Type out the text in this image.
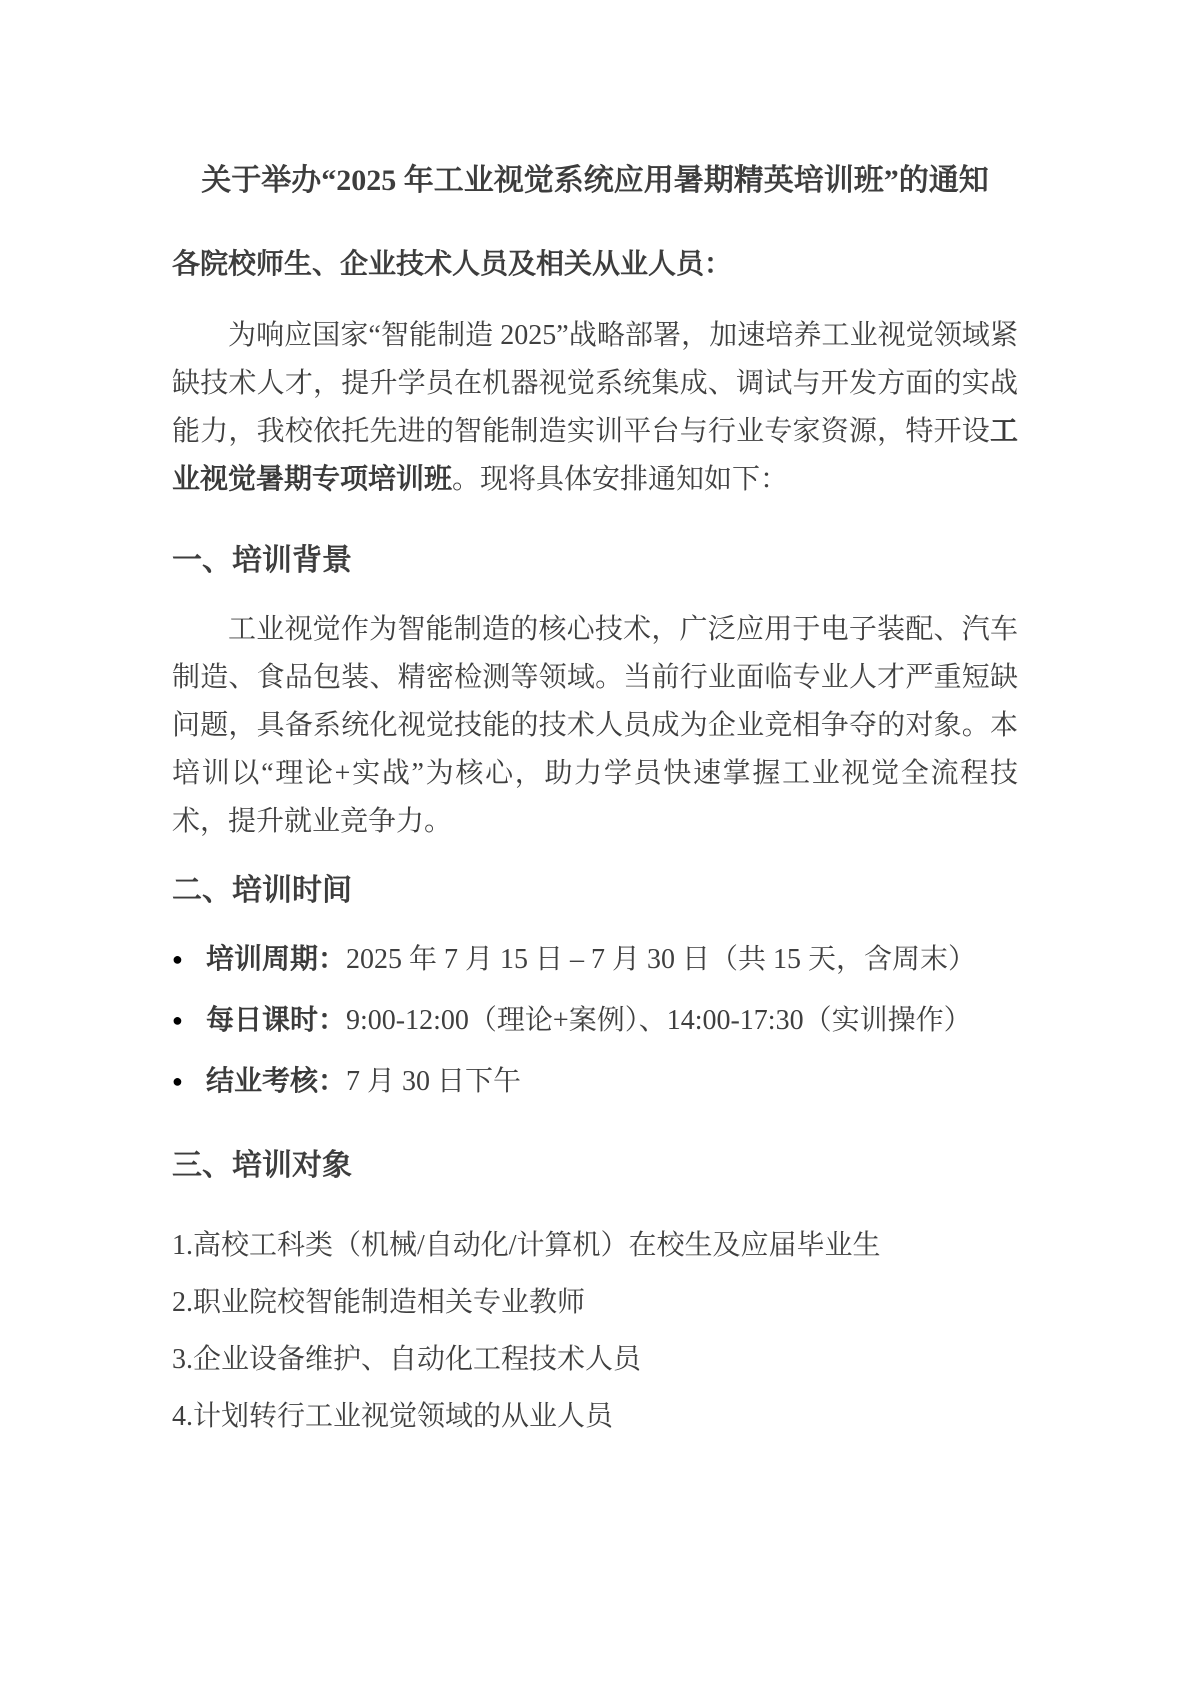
关于举办“2025 年工业视觉系统应用暑期精英培训班”的通知

各院校师生、企业技术人员及相关从业人员：

为响应国家“智能制造 2025”战略部署，加速培养工业视觉领域紧缺技术人才，提升学员在机器视觉系统集成、调试与开发方面的实战能力，我校依托先进的智能制造实训平台与行业专家资源，特开设工业视觉暑期专项培训班。现将具体安排通知如下：

一、培训背景

工业视觉作为智能制造的核心技术，广泛应用于电子装配、汽车制造、食品包装、精密检测等领域。当前行业面临专业人才严重短缺问题，具备系统化视觉技能的技术人员成为企业竞相争夺的对象。本培训以“理论+实战”为核心，助力学员快速掌握工业视觉全流程技术，提升就业竞争力。

二、培训时间
● 培训周期：2025 年 7 月 15 日 – 7 月 30 日（共 15 天，含周末）

● 每日课时：9:00-12:00（理论+案例）、14:00-17:30（实训操作）

● 结业考核：7 月 30 日下午

三、培训对象

1.高校工科类（机械/自动化/计算机）在校生及应届毕业生

2.职业院校智能制造相关专业教师

3.企业设备维护、自动化工程技术人员

4.计划转行工业视觉领域的从业人员
